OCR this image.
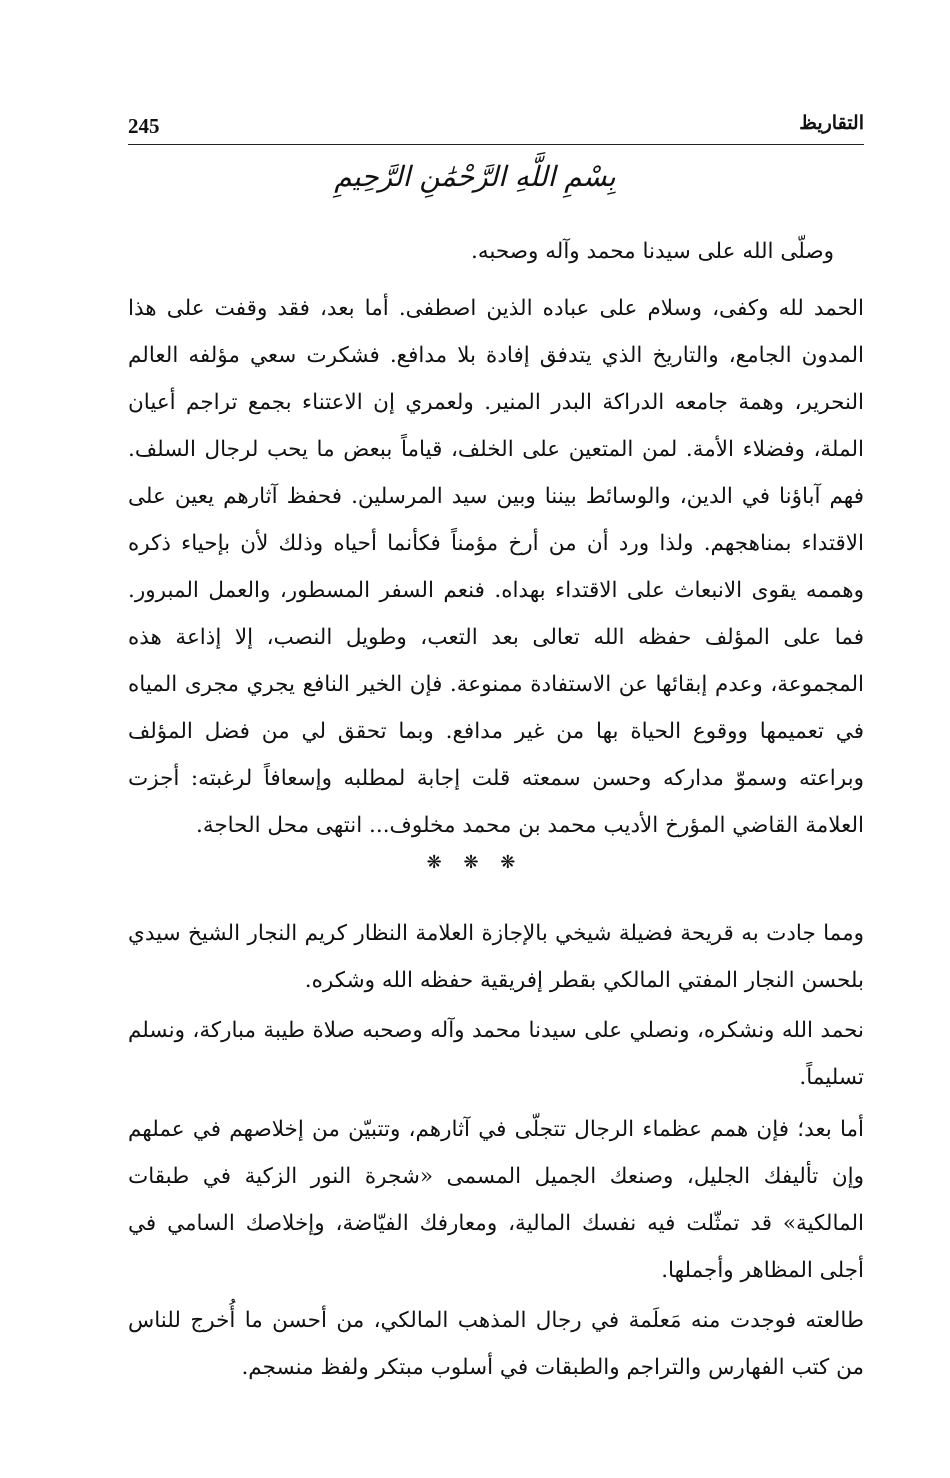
245	التقاريظ
بِسْمِ اللَّهِ الرَّحْمَٰنِ الرَّحِيمِ
وصلّى الله على سيدنا محمد وآله وصحبه.
الحمد لله وكفى، وسلام على عباده الذين اصطفى. أما بعد، فقد وقفت على هذا المدون الجامع، والتاريخ الذي يتدفق إفادة بلا مدافع. فشكرت سعي مؤلفه العالم النحرير، وهمة جامعه الدراكة البدر المنير. ولعمري إن الاعتناء بجمع تراجم أعيان الملة، وفضلاء الأمة. لمن المتعين على الخلف، قياماً ببعض ما يحب لرجال السلف. فهم آباؤنا في الدين، والوسائط بيننا وبين سيد المرسلين. فحفظ آثارهم يعين على الاقتداء بمناهجهم. ولذا ورد أن من أرخ مؤمناً فكأنما أحياه وذلك لأن بإحياء ذكره وهممه يقوى الانبعاث على الاقتداء بهداه. فنعم السفر المسطور، والعمل المبرور. فما على المؤلف حفظه الله تعالى بعد التعب، وطويل النصب، إلا إذاعة هذه المجموعة، وعدم إبقائها عن الاستفادة ممنوعة. فإن الخير النافع يجري مجرى المياه في تعميمها ووقوع الحياة بها من غير مدافع. وبما تحقق لي من فضل المؤلف وبراعته وسموّ مداركه وحسن سمعته قلت إجابة لمطلبه وإسعافاً لرغبته: أجزت العلامة القاضي المؤرخ الأديب محمد بن محمد مخلوف... انتهى محل الحاجة.
❋ ❋ ❋
ومما جادت به قريحة فضيلة شيخي بالإجازة العلامة النظار كريم النجار الشيخ سيدي بلحسن النجار المفتي المالكي بقطر إفريقية حفظه الله وشكره.
نحمد الله ونشكره، ونصلي على سيدنا محمد وآله وصحبه صلاة طيبة مباركة، ونسلم تسليماً.
أما بعد؛ فإن همم عظماء الرجال تتجلّى في آثارهم، وتتبيّن من إخلاصهم في عملهم وإن تأليفك الجليل، وصنعك الجميل المسمى «شجرة النور الزكية في طبقات المالكية» قد تمثّلت فيه نفسك المالية، ومعارفك الفيّاضة، وإخلاصك السامي في أجلى المظاهر وأجملها.
طالعته فوجدت منه مَعلَمة في رجال المذهب المالكي، من أحسن ما أُخرج للناس من كتب الفهارس والتراجم والطبقات في أسلوب مبتكر ولفظ منسجم.
